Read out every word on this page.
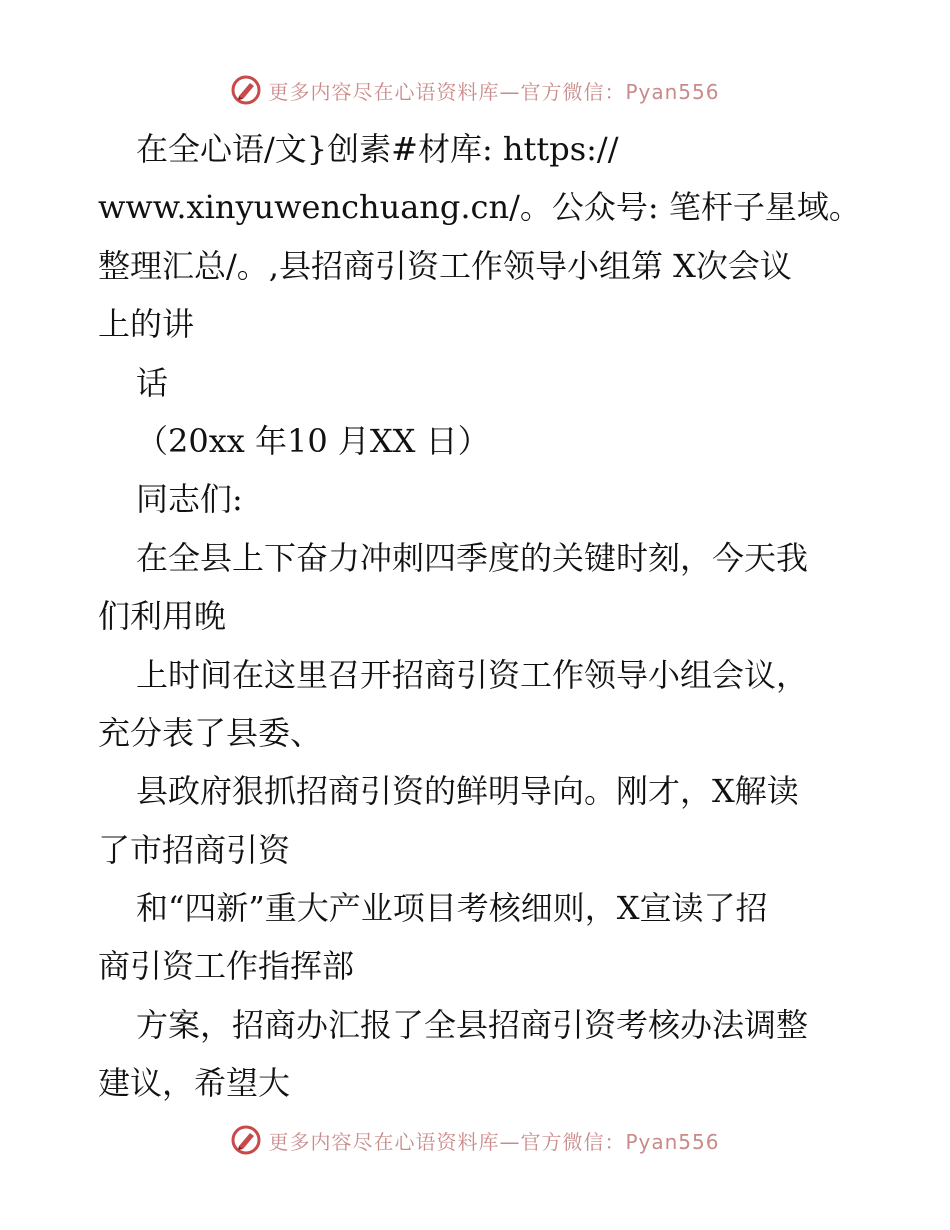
更多内容尽在心语资料库—官方微信：Pyan556

在全心语/文}创素#材库: https://

www.xinyuwenchuang.cn/。公众号: 笔杆子星域。

整理汇总/。,县招商引资工作领导小组第 X次会议

上的讲

话

（20xx 年10 月XX 日）

同志们:

在全县上下奋力冲刺四季度的关键时刻，今天我

们利用晚

上时间在这里召开招商引资工作领导小组会议，

充分表了县委、

县政府狠抓招商引资的鲜明导向。刚才，X解读

了市招商引资

和“四新”重大产业项目考核细则，X宣读了招

商引资工作指挥部

方案，招商办汇报了全县招商引资考核办法调整

建议，希望大

更多内容尽在心语资料库—官方微信：Pyan556
